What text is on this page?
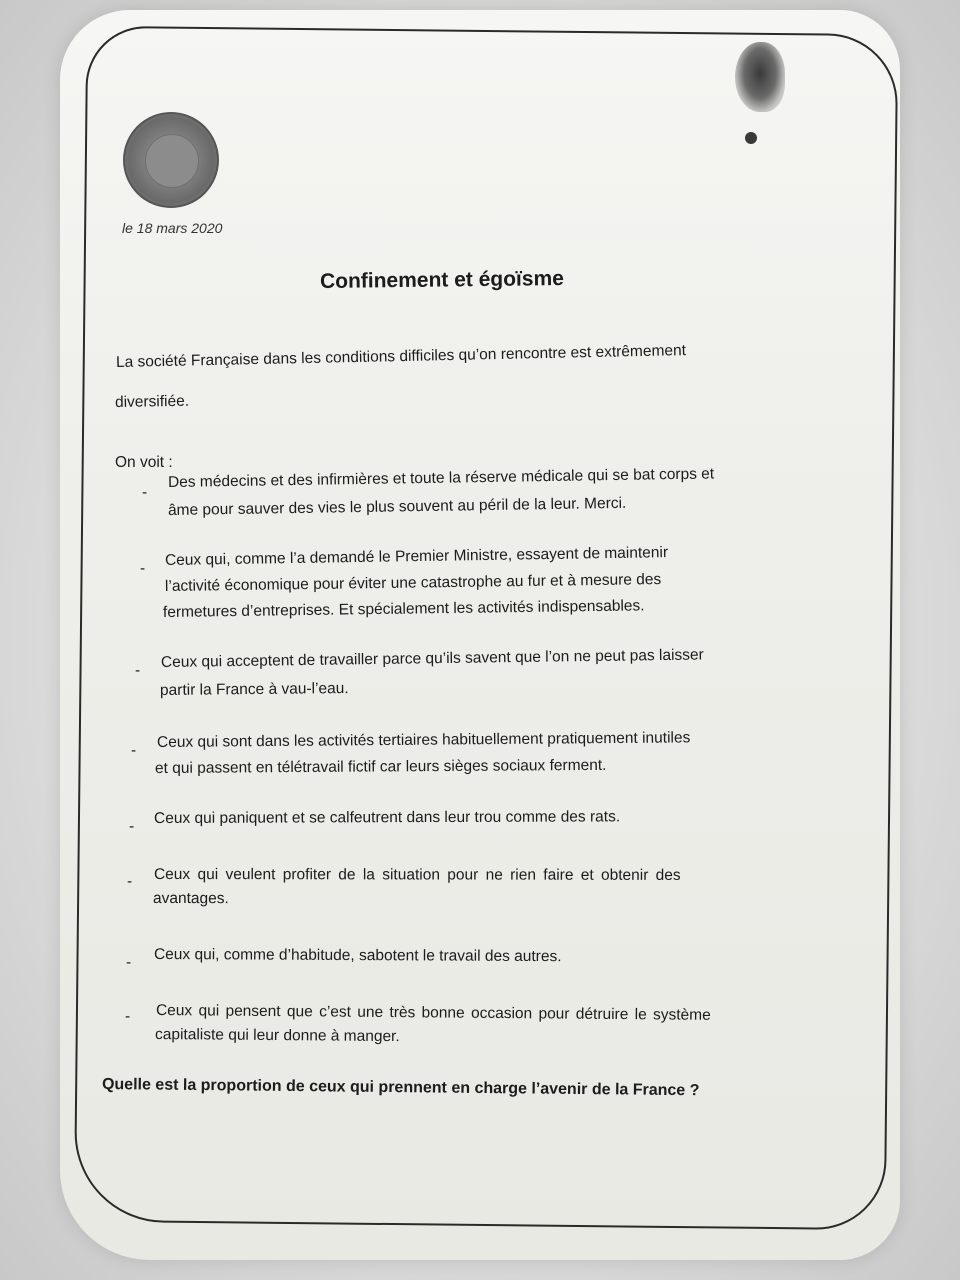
le 18 mars 2020
Confinement et égoïsme
La société Française dans les conditions difficiles qu’on rencontre est extrêmement
diversifiée.
On voit :
-
Des médecins et des infirmières et toute la réserve médicale qui se bat corps et
âme pour sauver des vies le plus souvent au péril de la leur. Merci.
- Ceux qui, comme l’a demandé le Premier Ministre, essayent de maintenir
l’activité économique pour éviter une catastrophe au fur et à mesure des
fermetures d’entreprises. Et spécialement les activités indispensables.
- Ceux qui acceptent de travailler parce qu’ils savent que l’on ne peut pas laisser
partir la France à vau-l’eau.
- Ceux qui sont dans les activités tertiaires habituellement pratiquement inutiles
et qui passent en télétravail fictif car leurs sièges sociaux ferment.
- Ceux qui paniquent et se calfeutrent dans leur trou comme des rats.
- Ceux qui veulent profiter de la situation pour ne rien faire et obtenir des
avantages.
- Ceux qui, comme d’habitude, sabotent le travail des autres.
- Ceux qui pensent que c’est une très bonne occasion pour détruire le système
capitaliste qui leur donne à manger.
Quelle est la proportion de ceux qui prennent en charge l’avenir de la France ?
